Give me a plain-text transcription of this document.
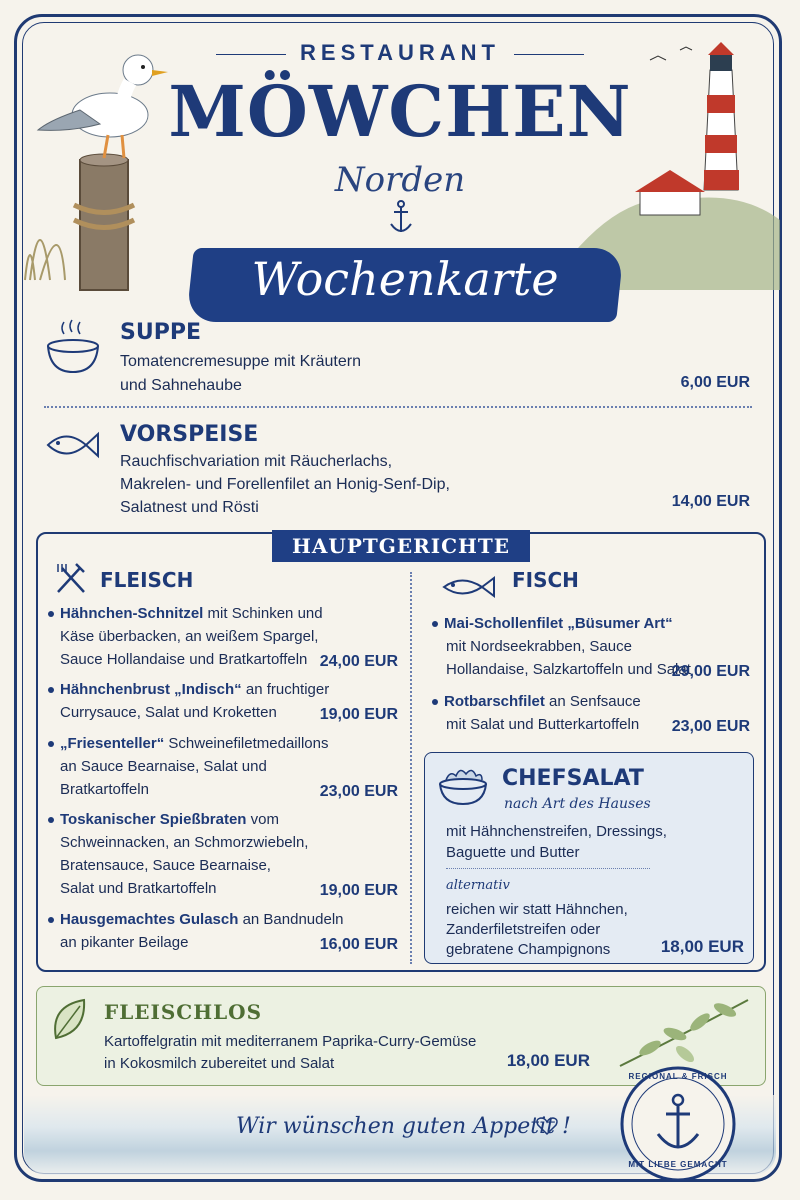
RESTAURANT
MÖWCHEN
Norden
Wochenkarte
SUPPE
Tomatencremesuppe mit Kräutern
und Sahnehaube	6,00 EUR
VORSPEISE
Rauchfischvariation mit Räucherlachs,
Makrelen- und Forellenfilet an Honig-Senf-Dip,
Salatnest und Rösti	14,00 EUR
HAUPTGERICHTE
FLEISCH
Hähnchen-Schnitzel mit Schinken und
Käse überbacken, an weißem Spargel,
Sauce Hollandaise und Bratkartoffeln 24,00 EUR
Hähnchenbrust „Indisch“ an fruchtiger
Currysauce, Salat und Kroketten	19,00 EUR
„Friesenteller“ Schweinefiletmedaillons
an Sauce Bearnaise, Salat und
Bratkartoffeln	23,00 EUR
Toskanischer Spießbraten vom
Schweinnacken, an Schmorzwiebeln,
Bratensauce, Sauce Bearnaise,
Salat und Bratkartoffeln	19,00 EUR
Hausgemachtes Gulasch an Bandnudeln
an pikanter Beilage	16,00 EUR
FISCH
Mai-Schollenfilet „Büsumer Art“
mit Nordseekrabben, Sauce
Hollandaise, Salzkartoffeln und Salat
29,00 EUR
Rotbarschfilet an Senfsauce
mit Salat und Butterkartoffeln 23,00 EUR
CHEFSALAT
nach Art des Hauses
mit Hähnchenstreifen, Dressings,
Baguette und Butter
alternativ
reichen wir statt Hähnchen,
Zanderfiletstreifen oder
gebratene Champignons	18,00 EUR
FLEISCHLOS
Kartoffelgratin mit mediterranem Paprika-Curry-Gemüse
in Kokosmilch zubereitet und Salat	18,00 EUR
Wir wünschen guten Appetit !
REGIONAL & FRISCH
MIT LIEBE GEMACHT
